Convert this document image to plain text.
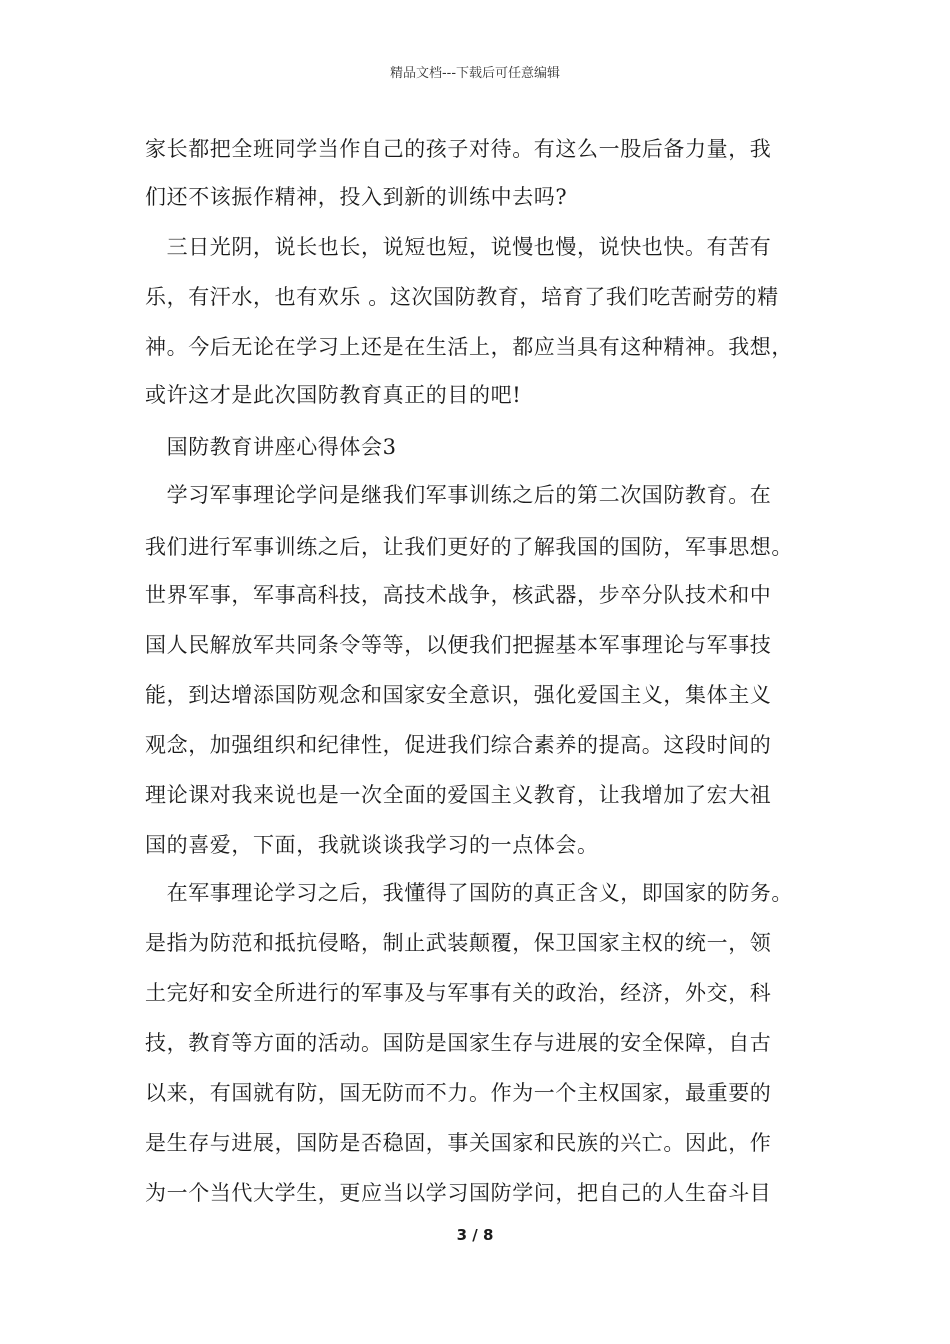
精品文档---下载后可任意编辑
家长都把全班同学当作自己的孩子对待。有这么一股后备力量，我
们还不该振作精神，投入到新的训练中去吗?
　三日光阴，说长也长，说短也短，说慢也慢，说快也快。有苦有
乐，有汗水，也有欢乐 。这次国防教育，培育了我们吃苦耐劳的精
神。今后无论在学习上还是在生活上，都应当具有这种精神。我想，
或许这才是此次国防教育真正的目的吧!
　国防教育讲座心得体会3
　学习军事理论学问是继我们军事训练之后的第二次国防教育。在
我们进行军事训练之后，让我们更好的了解我国的国防，军事思想。
世界军事，军事高科技，高技术战争，核武器，步卒分队技术和中
国人民解放军共同条令等等，以便我们把握基本军事理论与军事技
能，到达增添国防观念和国家安全意识，强化爱国主义，集体主义
观念，加强组织和纪律性，促进我们综合素养的提高。这段时间的
理论课对我来说也是一次全面的爱国主义教育，让我增加了宏大祖
国的喜爱，下面，我就谈谈我学习的一点体会。
　在军事理论学习之后，我懂得了国防的真正含义，即国家的防务。
是指为防范和抵抗侵略，制止武装颠覆，保卫国家主权的统一，领
土完好和安全所进行的军事及与军事有关的政治，经济，外交，科
技，教育等方面的活动。国防是国家生存与进展的安全保障，自古
以来，有国就有防，国无防而不力。作为一个主权国家，最重要的
是生存与进展，国防是否稳固，事关国家和民族的兴亡。因此，作
为一个当代大学生，更应当以学习国防学问，把自己的人生奋斗目
3 / 8
